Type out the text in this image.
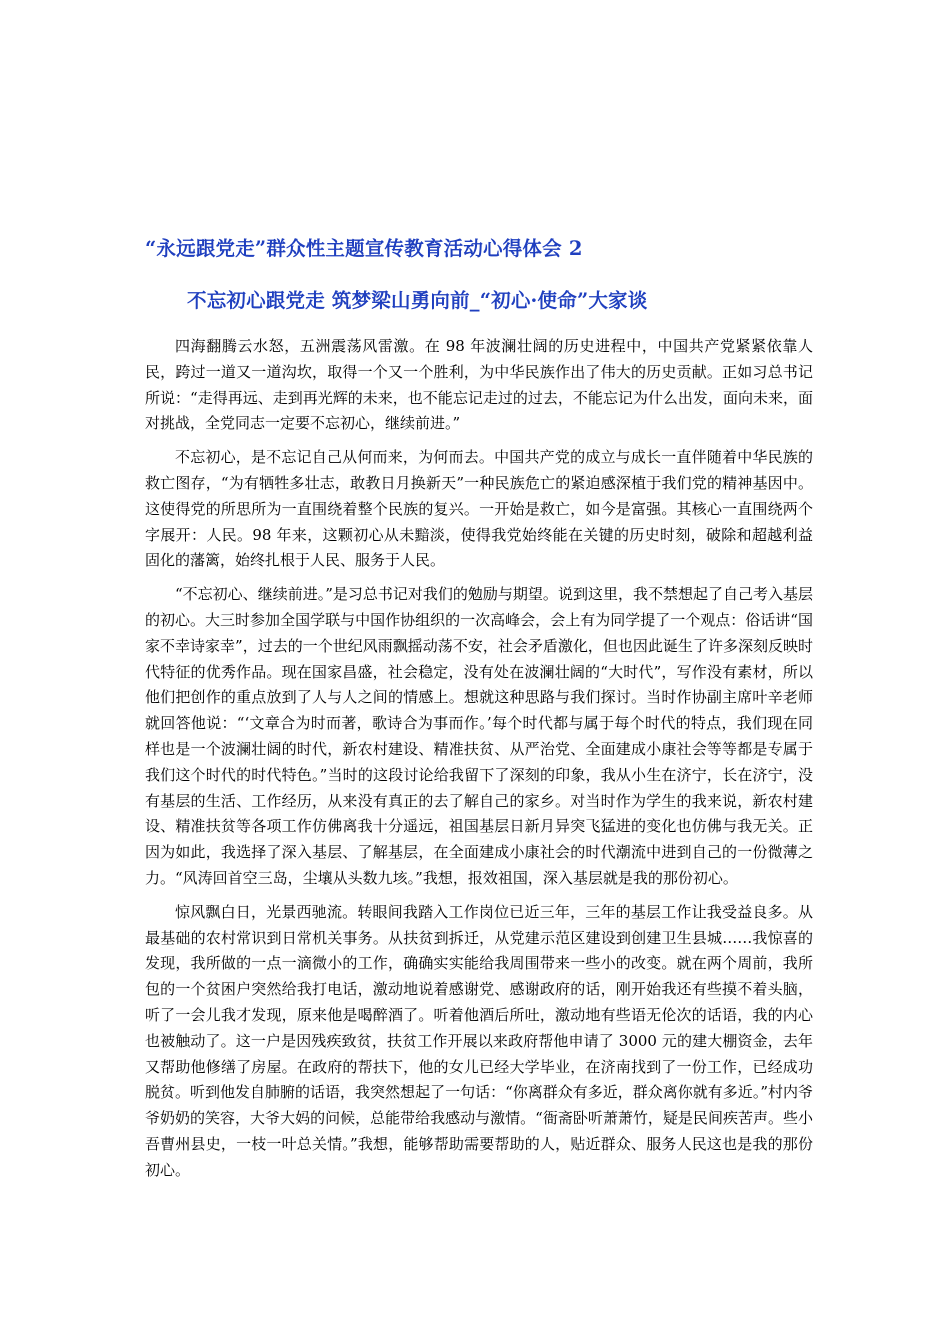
“永远跟党走”群众性主题宣传教育活动心得体会 2
不忘初心跟党走 筑梦梁山勇向前_“初心·使命”大家谈

四海翻腾云水怒，五洲震荡风雷激。在 98 年波澜壮阔的历史进程中，中国共产党紧紧依靠人民，跨过一道又一道沟坎，取得一个又一个胜利，为中华民族作出了伟大的历史贡献。正如习总书记所说：“走得再远、走到再光辉的未来，也不能忘记走过的过去，不能忘记为什么出发，面向未来，面对挑战，全党同志一定要不忘初心，继续前进。”

不忘初心，是不忘记自己从何而来，为何而去。中国共产党的成立与成长一直伴随着中华民族的救亡图存，“为有牺牲多壮志，敢教日月换新天”一种民族危亡的紧迫感深植于我们党的精神基因中。这使得党的所思所为一直围绕着整个民族的复兴。一开始是救亡，如今是富强。其核心一直围绕两个字展开：人民。98 年来，这颗初心从未黯淡，使得我党始终能在关键的历史时刻，破除和超越利益固化的藩篱，始终扎根于人民、服务于人民。

“不忘初心、继续前进。”是习总书记对我们的勉励与期望。说到这里，我不禁想起了自己考入基层的初心。大三时参加全国学联与中国作协组织的一次高峰会，会上有为同学提了一个观点：俗话讲“国家不幸诗家幸”，过去的一个世纪风雨飘摇动荡不安，社会矛盾激化，但也因此诞生了许多深刻反映时代特征的优秀作品。现在国家昌盛，社会稳定，没有处在波澜壮阔的“大时代”，写作没有素材，所以他们把创作的重点放到了人与人之间的情感上。想就这种思路与我们探讨。当时作协副主席叶辛老师就回答他说：“‘文章合为时而著，歌诗合为事而作。’每个时代都与属于每个时代的特点，我们现在同样也是一个波澜壮阔的时代，新农村建设、精准扶贫、从严治党、全面建成小康社会等等都是专属于我们这个时代的时代特色。”当时的这段讨论给我留下了深刻的印象，我从小生在济宁，长在济宁，没有基层的生活、工作经历，从来没有真正的去了解自己的家乡。对当时作为学生的我来说，新农村建设、精准扶贫等各项工作仿佛离我十分遥远，祖国基层日新月异突飞猛进的变化也仿佛与我无关。正因为如此，我选择了深入基层、了解基层，在全面建成小康社会的时代潮流中进到自己的一份微薄之力。“风涛回首空三岛，尘壤从头数九垓。”我想，报效祖国，深入基层就是我的那份初心。

惊风飘白日，光景西驰流。转眼间我踏入工作岗位已近三年，三年的基层工作让我受益良多。从最基础的农村常识到日常机关事务。从扶贫到拆迁，从党建示范区建设到创建卫生县城……我惊喜的发现，我所做的一点一滴微小的工作，确确实实能给我周围带来一些小的改变。就在两个周前，我所包的一个贫困户突然给我打电话，激动地说着感谢党、感谢政府的话，刚开始我还有些摸不着头脑，听了一会儿我才发现，原来他是喝醉酒了。听着他酒后所吐，激动地有些语无伦次的话语，我的内心也被触动了。这一户是因残疾致贫，扶贫工作开展以来政府帮他申请了 3000 元的建大棚资金，去年又帮助他修缮了房屋。在政府的帮扶下，他的女儿已经大学毕业，在济南找到了一份工作，已经成功脱贫。听到他发自肺腑的话语，我突然想起了一句话：“你离群众有多近，群众离你就有多近。”村内爷爷奶奶的笑容，大爷大妈的问候，总能带给我感动与激情。“衙斋卧听萧萧竹，疑是民间疾苦声。些小吾曹州县史，一枝一叶总关情。”我想，能够帮助需要帮助的人，贴近群众、服务人民这也是我的那份初心。
